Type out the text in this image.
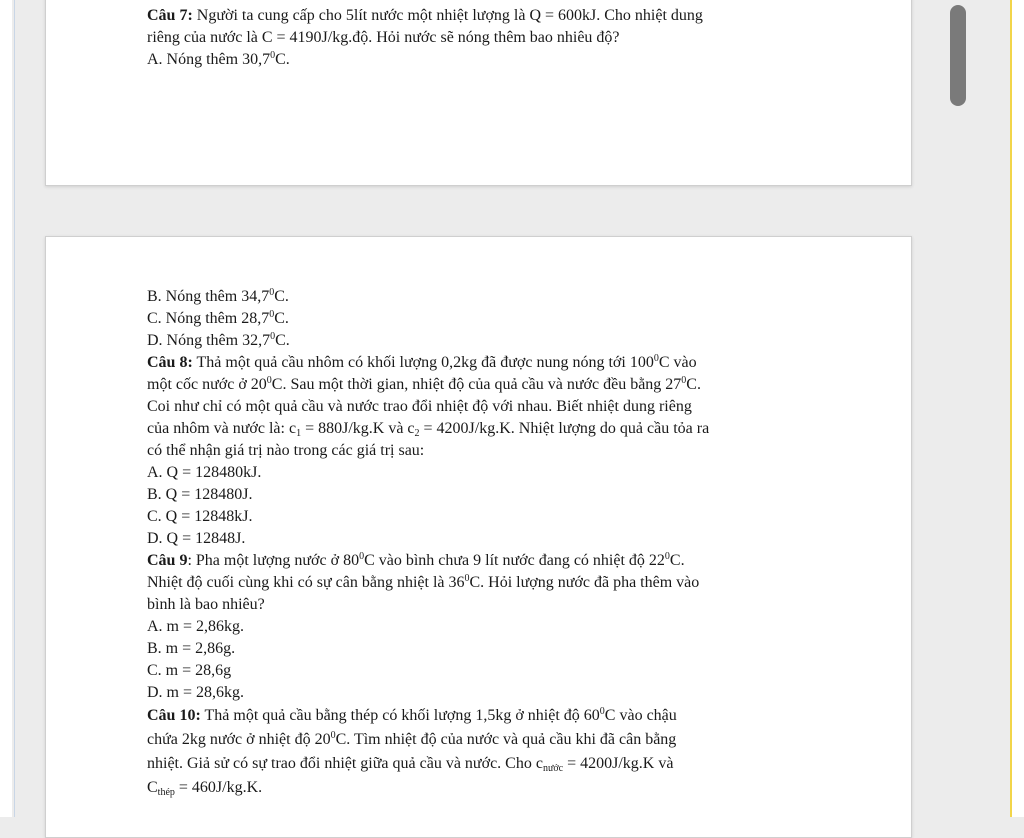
Câu 7: Người ta cung cấp cho 5lít nước một nhiệt lượng là Q = 600kJ. Cho nhiệt dung
riêng của nước là C = 4190J/kg.độ. Hỏi nước sẽ nóng thêm bao nhiêu độ?
A. Nóng thêm 30,7$^0$C.
B. Nóng thêm 34,7$^0$C.
C. Nóng thêm 28,7$^0$C.
D. Nóng thêm 32,7$^0$C.
Câu 8: Thả một quả cầu nhôm có khối lượng 0,2kg đã được nung nóng tới $100^0C$ vào
một cốc nước ở $20^0C$. Sau một thời gian, nhiệt độ của quả cầu và nước đều bằng $27^0C$.
Coi như chỉ có một quả cầu và nước trao đổi nhiệt độ với nhau. Biết nhiệt dung riêng
của nhôm và nước là: $c_1 = 880J/kg.K$ và $c_2 = 4200J/kg.K$. Nhiệt lượng do quả cầu tỏa ra
có thể nhận giá trị nào trong các giá trị sau:
A. Q = 128480kJ.
B. Q = 128480J.
C. Q = 12848kJ.
D. Q = 12848J.
Câu 9: Pha một lượng nước ở $80^0C$ vào bình chưa 9 lít nước đang có nhiệt độ $22^0C$.
Nhiệt độ cuối cùng khi có sự cân bằng nhiệt là $36^0C$. Hỏi lượng nước đã pha thêm vào
bình là bao nhiêu?
A. m = 2,86kg.
B. m = 2,86g.
C. m = 28,6g
D. m = 28,6kg.
Câu 10: Thả một quả cầu bằng thép có khối lượng 1,5kg ở nhiệt độ $60^0C$ vào chậu
chứa 2kg nước ở nhiệt độ $20^0C$. Tìm nhiệt độ của nước và quả cầu khi đã cân bằng
nhiệt. Giả sử có sự trao đổi nhiệt giữa quả cầu và nước. Cho $c_{nước} = 4200J/kg.K$ và
$C_{thép} = 460J/kg.K$.
